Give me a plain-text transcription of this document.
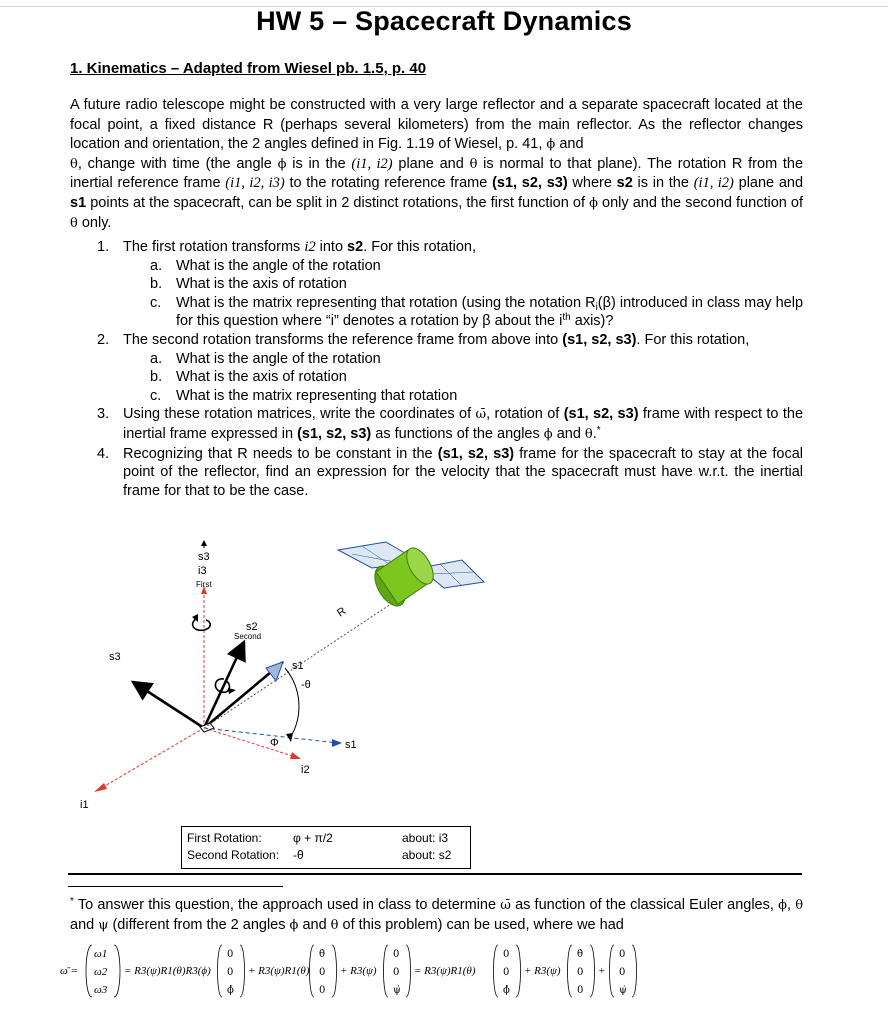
HW 5 – Spacecraft Dynamics

1. Kinematics – Adapted from Wiesel pb. 1.5, p. 40

A future radio telescope might be constructed with a very large reflector and a separate spacecraft located at the focal point, a fixed distance R (perhaps several kilometers) from the main reflector. As the reflector changes location and orientation, the 2 angles defined in Fig. 1.19 of Wiesel, p. 41, ϕ and
θ, change with time (the angle ϕ is in the (i1, i2) plane and θ is normal to that plane). The rotation R from the inertial reference frame (i1, i2, i3) to the rotating reference frame (s1, s2, s3) where s2 is in the (i1, i2) plane and s1 points at the spacecraft, can be split in 2 distinct rotations, the first function of ϕ only and the second function of θ only.

1. The first rotation transforms i2 into s2. For this rotation,
a. What is the angle of the rotation
b. What is the axis of rotation
c. What is the matrix representing that rotation (using the notation $R_i(\beta)$ introduced in class may help for this question where “i” denotes a rotation by β about the $i^{th}$ axis)?
2. The second rotation transforms the reference frame from above into (s1, s2, s3). For this rotation,
a. What is the angle of the rotation
b. What is the axis of rotation
c. What is the matrix representing that rotation
3. Using these rotation matrices, write the coordinates of ω̄, rotation of (s1, s2, s3) frame with respect to the inertial frame expressed in (s1, s2, s3) as functions of the angles ϕ and θ.*
4. Recognizing that R needs to be constant in the (s1, s2, s3) frame for the spacecraft to stay at the focal point of the reflector, find an expression for the velocity that the spacecraft must have w.r.t. the inertial frame for that to be the case.
s3
i3
First
s2
Second
s3
s1
-θ
Φ	s1
i2
i1
R
First Rotation:	φ + π/2	about: i3
Second Rotation: -θ	about: s2

* To answer this question, the approach used in class to determine ω̄ as function of the classical Euler angles, ϕ, θ and ψ (different from the 2 angles ϕ and θ of this problem) can be used, where we had

ω̄ =
ω1
ω2
ω3
= R3(ψ)R1(θ)R3(ϕ)
0
0
ϕ̇
+ R3(ψ)R1(θ)
θ̇
0
0
+ R3(ψ)
0
0
ψ̇
= R3(ψ)R1(θ)
0
0
ϕ̇
+ R3(ψ)
θ̇
0
0
+
0
0
ψ̇
